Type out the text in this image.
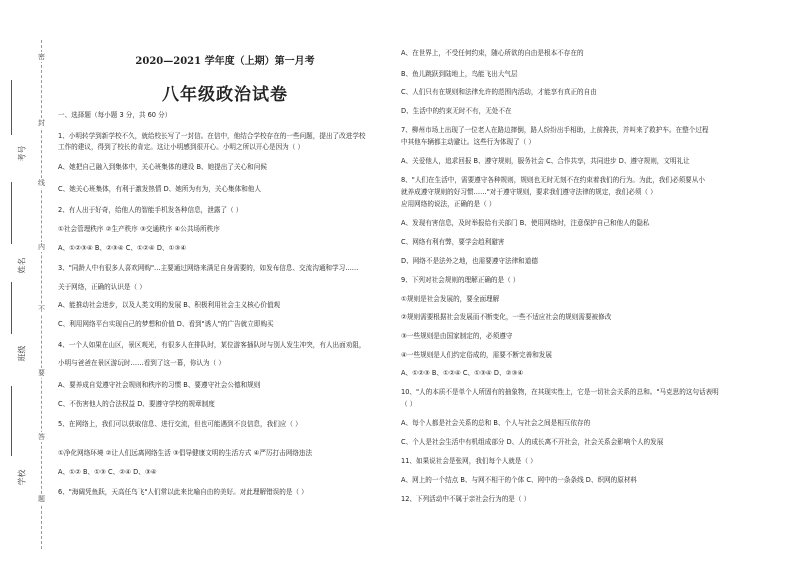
密
封
线
内
不
要
答
题
考号
姓名
班级
学校
2020—2021 学年度（上期）第一月考
八年级政治试卷
一、选择题（每小题 3 分，共 60 分）
1、小明转学到新学校不久，就给校长写了一封信。在信中，他结合学校存在的一些问题，提出了改进学校
工作的建议，得到了校长的肯定。这让小明感到很开心。小明之所以开心是因为（ ）
A、她把自己融入到集体中，关心班集体的建设 B、她提出了关心和问候
C、她关心班集体，有利于激发热情 D、她所为有为，关心集体和他人
2、有人出于好奇，给他人的智能手机发各种信息，泄露了（ ）
①社会管理秩序 ②生产秩序 ③交通秩序 ④公共场所秩序
A、①②③④ B、②③④ C、①②④ D、①③④
3、"同龄人中有很多人喜欢网购"…主要通过网络来满足自身需要的，如发布信息、交流沟通和学习……
关于网络，正确的认识是（ ）
A、能推动社会进步，以及人类文明的发展 B、积极利用社会主义核心价值观
C、利用网络平台实现自己的梦想和价值 D、看到"诱人"的广告就立即购买
4、一个人如果在山区，景区观光，有很多人在排队时，某位游客插队时与别人发生冲突，有人出面劝阻，
小明与爸爸在景区游玩时……看到了这一幕，你认为（ ）
A、要养成自觉遵守社会规则和秩序的习惯 B、要遵守社会公德和规则
C、不伤害他人的合法权益 D、要遵守学校的规章制度
5、在网络上，我们可以获取信息、进行交流，但也可能遇到不良信息，我们应（ ）
①净化网络环境 ②让人们远离网络生活 ③倡导健康文明的生活方式 ④严厉打击网络违法
A、①② B、①③ C、②④ D、③④
6、"海阔凭鱼跃，天高任鸟飞"人们常以此来比喻自由的美好。对此理解错误的是（ ）
A、在世界上，不受任何约束，随心所欲的自由是根本不存在的
B、鱼儿跳跃到陆地上，鸟能飞出大气层
C、人们只有在规则和法律允许的范围内活动，才能享有真正的自由
D、生活中的约束无时不有，无处不在
7、柳州市场上出现了一位老人在路边摔倒，路人纷纷出手相助，上前搀扶，并叫来了救护车。在整个过程
中其他车辆都主动避让。这些行为体现了（ ）
A、关爱他人，追求回报 B、遵守规则，服务社会 C、合作共享，共同进步 D、遵守规则，文明礼让
8、"人们在生活中，需要遵守各种规则，规则也无时无刻不在约束着我们的行为。为此，我们必须要从小
就养成遵守规则的好习惯……"对于遵守规则，要求我们遵守法律的规定，我们必须（ ）
应用网络的说法，正确的是（ ）
A、发现有害信息，及时举报给有关部门 B、使用网络时，注意保护自己和他人的隐私
C、网络有利有弊，要学会趋利避害
D、网络不是法外之地，也需要遵守法律和道德
9、下列对社会规则的理解正确的是（ ）
①规则是社会发展的，要全面理解
②规则需要根据社会发展而不断变化，一些不适应社会的规则需要被修改
③一些规则是由国家制定的，必须遵守
④一些规则是人们约定俗成的，需要不断完善和发展
A、①②③ B、①②④ C、①③④ D、②③④
10、"人的本质不是单个人所固有的抽象物，在其现实性上，它是一切社会关系的总和。"马克思的这句话表明
（ ）
A、每个人都是社会关系的总和 B、个人与社会之间是相互依存的
C、个人是社会生活中有机组成部分 D、人的成长离不开社会，社会关系会影响个人的发展
11、如果说社会是张网，我们每个人就是（ ）
A、网上的一个结点 B、与网不相干的个体 C、网中的一条条线 D、织网的原材料
12、下列活动中不属于亲社会行为的是（ ）
